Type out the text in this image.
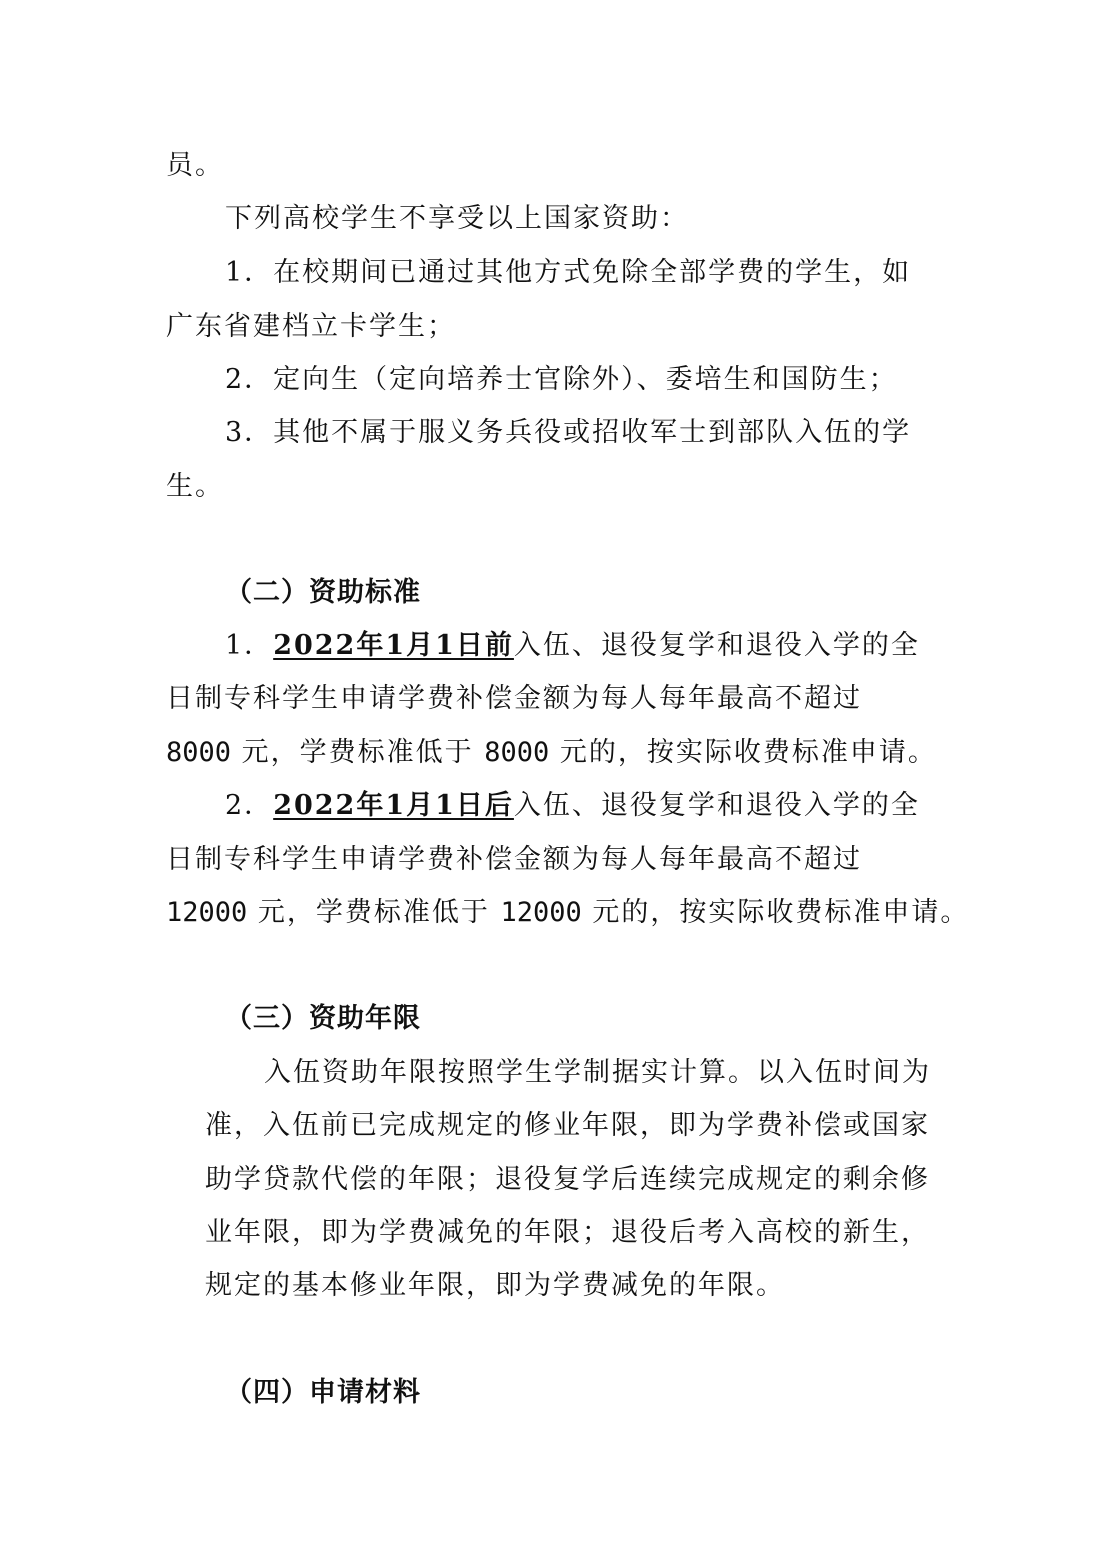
员。
下列高校学生不享受以上国家资助：
1．在校期间已通过其他方式免除全部学费的学生，如
广东省建档立卡学生；
2．定向生（定向培养士官除外）、委培生和国防生；
3．其他不属于服义务兵役或招收军士到部队入伍的学
生。
（二）资助标准
1．2022年1月1日前入伍、退役复学和退役入学的全
日制专科学生申请学费补偿金额为每人每年最高不超过
8000 元，学费标准低于 8000 元的，按实际收费标准申请。
2．2022年1月1日后入伍、退役复学和退役入学的全
日制专科学生申请学费补偿金额为每人每年最高不超过
12000 元，学费标准低于 12000 元的，按实际收费标准申请。
（三）资助年限
入伍资助年限按照学生学制据实计算。以入伍时间为
准，入伍前已完成规定的修业年限，即为学费补偿或国家
助学贷款代偿的年限；退役复学后连续完成规定的剩余修
业年限，即为学费减免的年限；退役后考入高校的新生，
规定的基本修业年限，即为学费减免的年限。
（四）申请材料
